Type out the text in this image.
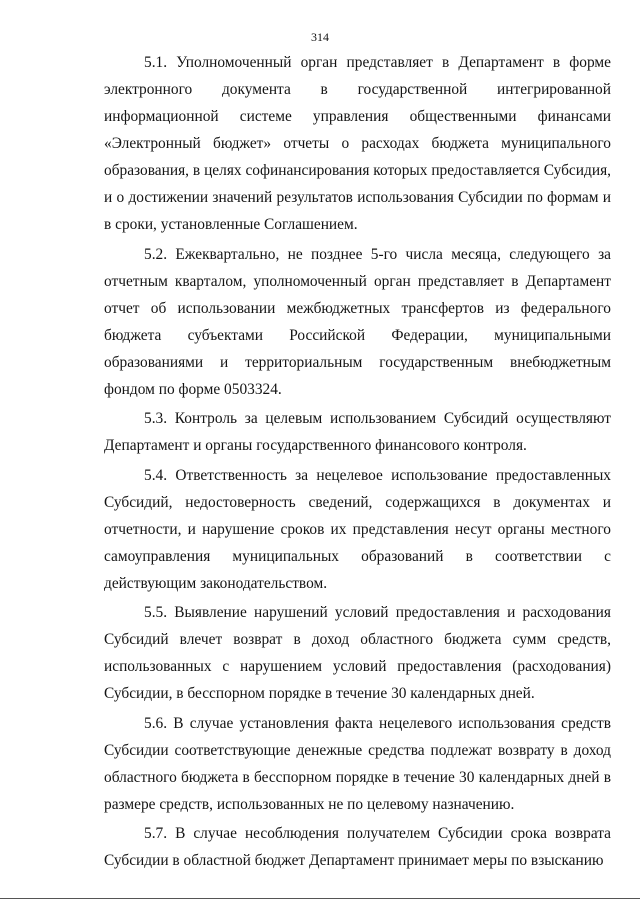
314

5.1. Уполномоченный орган представляет в Департамент в форме электронного документа в государственной интегрированной информационной системе управления общественными финансами «Электронный бюджет» отчеты о расходах бюджета муниципального образования, в целях софинансирования которых предоставляется Субсидия, и о достижении значений результатов использования Субсидии по формам и в сроки, установленные Соглашением.

5.2. Ежеквартально, не позднее 5-го числа месяца, следующего за отчетным кварталом, уполномоченный орган представляет в Департамент отчет об использовании межбюджетных трансфертов из федерального бюджета субъектами Российской Федерации, муниципальными образованиями и территориальным государственным внебюджетным фондом по форме 0503324.

5.3. Контроль за целевым использованием Субсидий осуществляют Департамент и органы государственного финансового контроля.

5.4. Ответственность за нецелевое использование предоставленных Субсидий, недостоверность сведений, содержащихся в документах и отчетности, и нарушение сроков их представления несут органы местного самоуправления муниципальных образований в соответствии с действующим законодательством.

5.5. Выявление нарушений условий предоставления и расходования Субсидий влечет возврат в доход областного бюджета сумм средств, использованных с нарушением условий предоставления (расходования) Субсидии, в бесспорном порядке в течение 30 календарных дней.

5.6. В случае установления факта нецелевого использования средств Субсидии соответствующие денежные средства подлежат возврату в доход областного бюджета в бесспорном порядке в течение 30 календарных дней в размере средств, использованных не по целевому назначению.

5.7. В случае несоблюдения получателем Субсидии срока возврата Субсидии в областной бюджет Департамент принимает меры по взысканию
